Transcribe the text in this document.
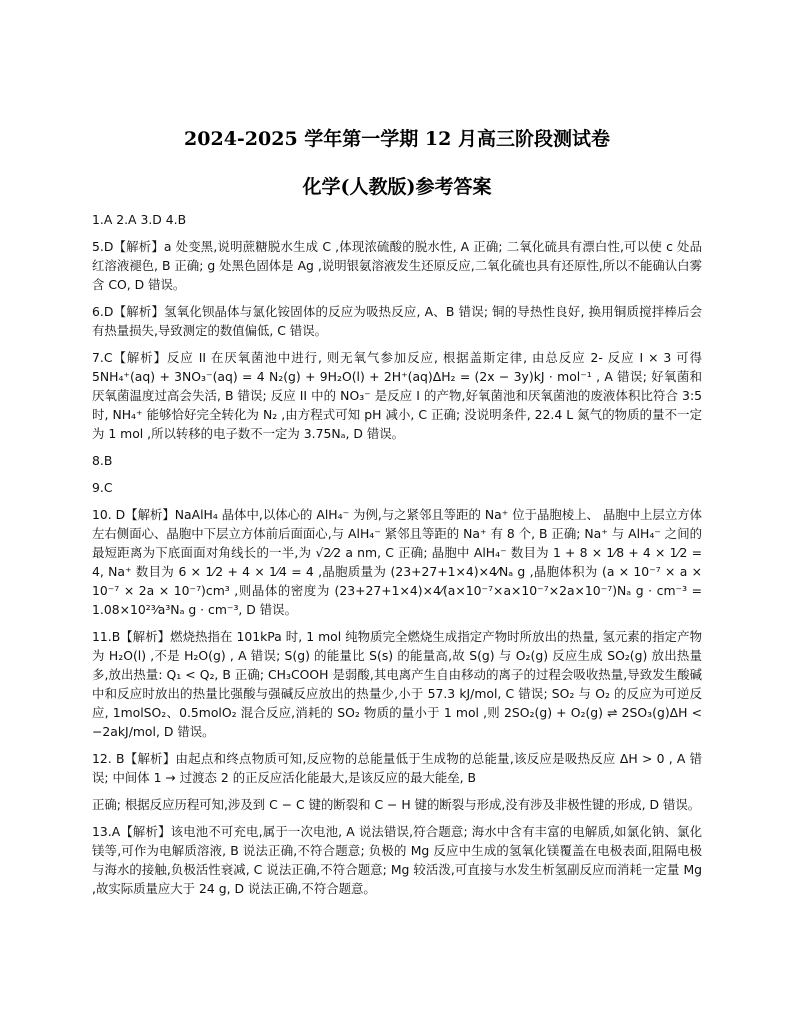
2024-2025 学年第一学期 12 月高三阶段测试卷
化学(人教版)参考答案

1.A 2.A 3.D 4.B

5.D【解析】a 处变黑,说明蔗糖脱水生成 C ,体现浓硫酸的脱水性, A 正确; 二氧化硫具有漂白性,可以使 c 处品红溶液褪色, B 正确; g 处黑色固体是 Ag ,说明银氨溶液发生还原反应,二氧化硫也具有还原性,所以不能确认白雾含 CO, D 错误。

6.D【解析】氢氧化钡晶体与氯化铵固体的反应为吸热反应, A、B 错误; 铜的导热性良好, 换用铜质搅拌棒后会有热量损失,导致测定的数值偏低, C 错误。

7.C【解析】反应 II 在厌氧菌池中进行, 则无氧气参加反应, 根据盖斯定律, 由总反应 2- 反应 I × 3 可得 5NH₄⁺(aq) + 3NO₃⁻(aq) = 4 N₂(g) + 9H₂O(l) + 2H⁺(aq)ΔH₂ = (2x − 3y)kJ · mol⁻¹ , A 错误; 好氧菌和厌氧菌温度过高会失活, B 错误; 反应 II 中的 NO₃⁻ 是反应 I 的产物,好氧菌池和厌氧菌池的废液体积比符合 3:5 时, NH₄⁺ 能够恰好完全转化为 N₂ ,由方程式可知 pH 减小, C 正确; 没说明条件, 22.4 L 氮气的物质的量不一定为 1 mol ,所以转移的电子数不一定为 3.75Nₐ, D 错误。

8.B

9.C

10. D【解析】NaAlH₄ 晶体中,以体心的 AlH₄⁻ 为例,与之紧邻且等距的 Na⁺ 位于晶胞棱上、 晶胞中上层立方体左右侧面心、晶胞中下层立方体前后面面心,与 AlH₄⁻ 紧邻且等距的 Na⁺ 有 8 个, B 正确; Na⁺ 与 AlH₄⁻ 之间的最短距离为下底面面对角线长的一半,为 √2⁄2 a nm, C 正确; 晶胞中 AlH₄⁻ 数目为 1 + 8 × 1⁄8 + 4 × 1⁄2 = 4, Na⁺ 数目为 6 × 1⁄2 + 4 × 1⁄4 = 4 ,晶胞质量为 (23+27+1×4)×4⁄Nₐ g ,晶胞体积为 (a × 10⁻⁷ × a × 10⁻⁷ × 2a × 10⁻⁷)cm³ ,则晶体的密度为 (23+27+1×4)×4⁄(a×10⁻⁷×a×10⁻⁷×2a×10⁻⁷)Nₐ g · cm⁻³ = 1.08×10²³⁄a³Nₐ g · cm⁻³, D 错误。

11.B【解析】燃烧热指在 101kPa 时, 1 mol 纯物质完全燃烧生成指定产物时所放出的热量, 氢元素的指定产物为 H₂O(l) ,不是 H₂O(g) , A 错误; S(g) 的能量比 S(s) 的能量高,故 S(g) 与 O₂(g) 反应生成 SO₂(g) 放出热量多,放出热量: Q₁ < Q₂, B 正确; CH₃COOH 是弱酸,其电离产生自由移动的离子的过程会吸收热量,导致发生酸碱中和反应时放出的热量比强酸与强碱反应放出的热量少,小于 57.3 kJ/mol, C 错误; SO₂ 与 O₂ 的反应为可逆反应, 1molSO₂、0.5molO₂ 混合反应,消耗的 SO₂ 物质的量小于 1 mol ,则 2SO₂(g) + O₂(g) ⇌ 2SO₃(g)ΔH < −2akJ/mol, D 错误。

12. B【解析】由起点和终点物质可知,反应物的总能量低于生成物的总能量,该反应是吸热反应 ΔH > 0 , A 错误; 中间体 1 → 过渡态 2 的正反应活化能最大,是该反应的最大能垒, B

正确; 根据反应历程可知,涉及到 C − C 键的断裂和 C − H 键的断裂与形成,没有涉及非极性键的形成, D 错误。

13.A【解析】该电池不可充电,属于一次电池, A 说法错误,符合题意; 海水中含有丰富的电解质,如氯化钠、氯化镁等,可作为电解质溶液, B 说法正确,不符合题意; 负极的 Mg 反应中生成的氢氧化镁覆盖在电极表面,阻隔电极与海水的接触,负极活性衰减, C 说法正确,不符合题意; Mg 较活泼,可直接与水发生析氢副反应而消耗一定量 Mg ,故实际质量应大于 24 g, D 说法正确,不符合题意。
